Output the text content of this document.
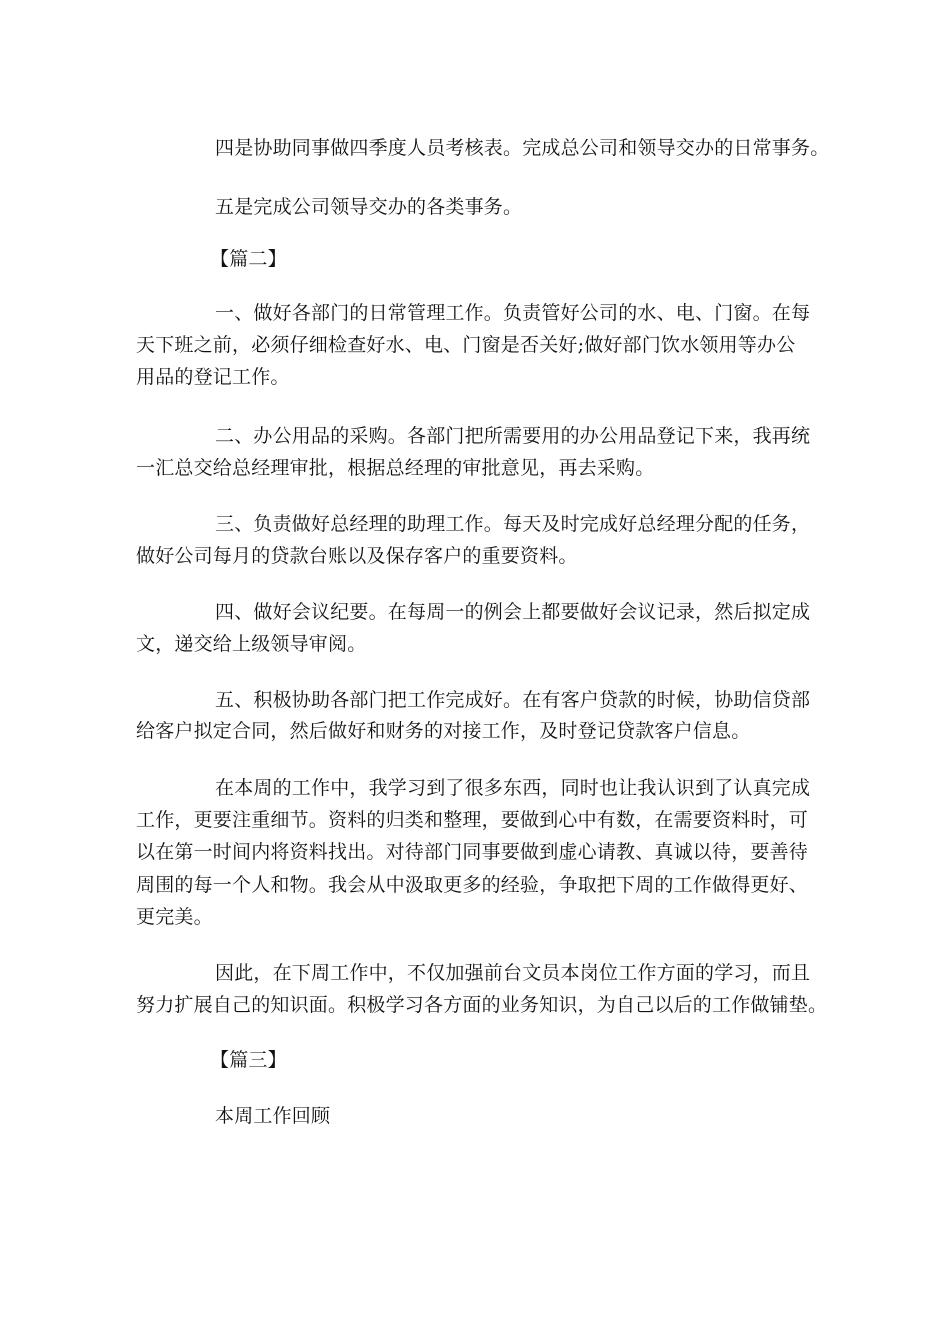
四是协助同事做四季度人员考核表。完成总公司和领导交办的日常事务。
五是完成公司领导交办的各类事务。
【篇二】
一、做好各部门的日常管理工作。负责管好公司的水、电、门窗。在每
天下班之前，必须仔细检查好水、电、门窗是否关好;做好部门饮水领用等办公
用品的登记工作。
二、办公用品的采购。各部门把所需要用的办公用品登记下来，我再统
一汇总交给总经理审批，根据总经理的审批意见，再去采购。
三、负责做好总经理的助理工作。每天及时完成好总经理分配的任务，
做好公司每月的贷款台账以及保存客户的重要资料。
四、做好会议纪要。在每周一的例会上都要做好会议记录，然后拟定成
文，递交给上级领导审阅。
五、积极协助各部门把工作完成好。在有客户贷款的时候，协助信贷部
给客户拟定合同，然后做好和财务的对接工作，及时登记贷款客户信息。
在本周的工作中，我学习到了很多东西，同时也让我认识到了认真完成
工作，更要注重细节。资料的归类和整理，要做到心中有数，在需要资料时，可
以在第一时间内将资料找出。对待部门同事要做到虚心请教、真诚以待，要善待
周围的每一个人和物。我会从中汲取更多的经验，争取把下周的工作做得更好、
更完美。
因此，在下周工作中，不仅加强前台文员本岗位工作方面的学习，而且
努力扩展自己的知识面。积极学习各方面的业务知识，为自己以后的工作做铺垫。
【篇三】
本周工作回顾
